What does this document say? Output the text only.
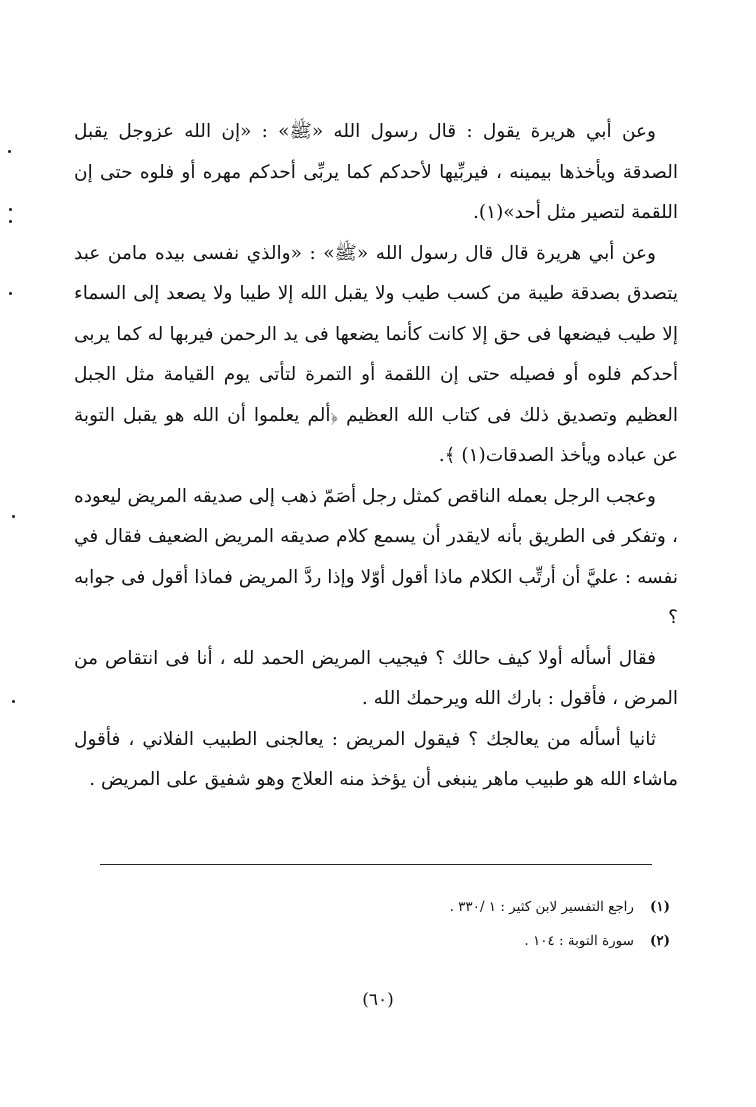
وعن أبي هريرة يقول : قال رسول الله «ﷺ» : «إن الله عزوجل يقبل الصدقة ويأخذها بيمينه ، فيربِّيها لأحدكم كما يربِّى أحدكم مهره أو فلوه حتى إن اللقمة لتصير مثل أحد»(١).

وعن أبي هريرة قال قال رسول الله «ﷺ» : «والذي نفسى بيده مامن عبد يتصدق بصدقة طيبة من كسب طيب ولا يقبل الله إلا طيبا ولا يصعد إلى السماء إلا طيب فيضعها فى حق إلا كانت كأنما يضعها فى يد الرحمن فيربها له كما يربى أحدكم فلوه أو فصيله حتى إن اللقمة أو التمرة لتأتى يوم القيامة مثل الجبل العظيم وتصديق ذلك فى كتاب الله العظيم ﴿ألم يعلموا أن الله هو يقبل التوبة عن عباده ويأخذ الصدقات(١) ﴾.

وعجب الرجل بعمله الناقص كمثل رجل أصَمّ ذهب إلى صديقه المريض ليعوده ، وتفكر فى الطريق بأنه لايقدر أن يسمع كلام صديقه المريض الضعيف فقال في نفسه : عليَّ أن أرتِّب الكلام ماذا أقول أوّلا وإذا ردَّ المريض فماذا أقول فى جوابه ؟

فقال أسأله أولا كيف حالك ؟ فيجيب المريض الحمد لله ، أنا فى انتقاص من المرض ، فأقول : بارك الله ويرحمك الله .

ثانيا أسأله من يعالجك ؟ فيقول المريض : يعالجنى الطبيب الفلاني ، فأقول ماشاء الله هو طبيب ماهر ينبغى أن يؤخذ منه العلاج وهو شفيق على المريض .

(١)راجع التفسير لابن كثير : ١ /٣٣٠ .
(٢)سورة التوبة : ١٠٤ .
(٦٠)
